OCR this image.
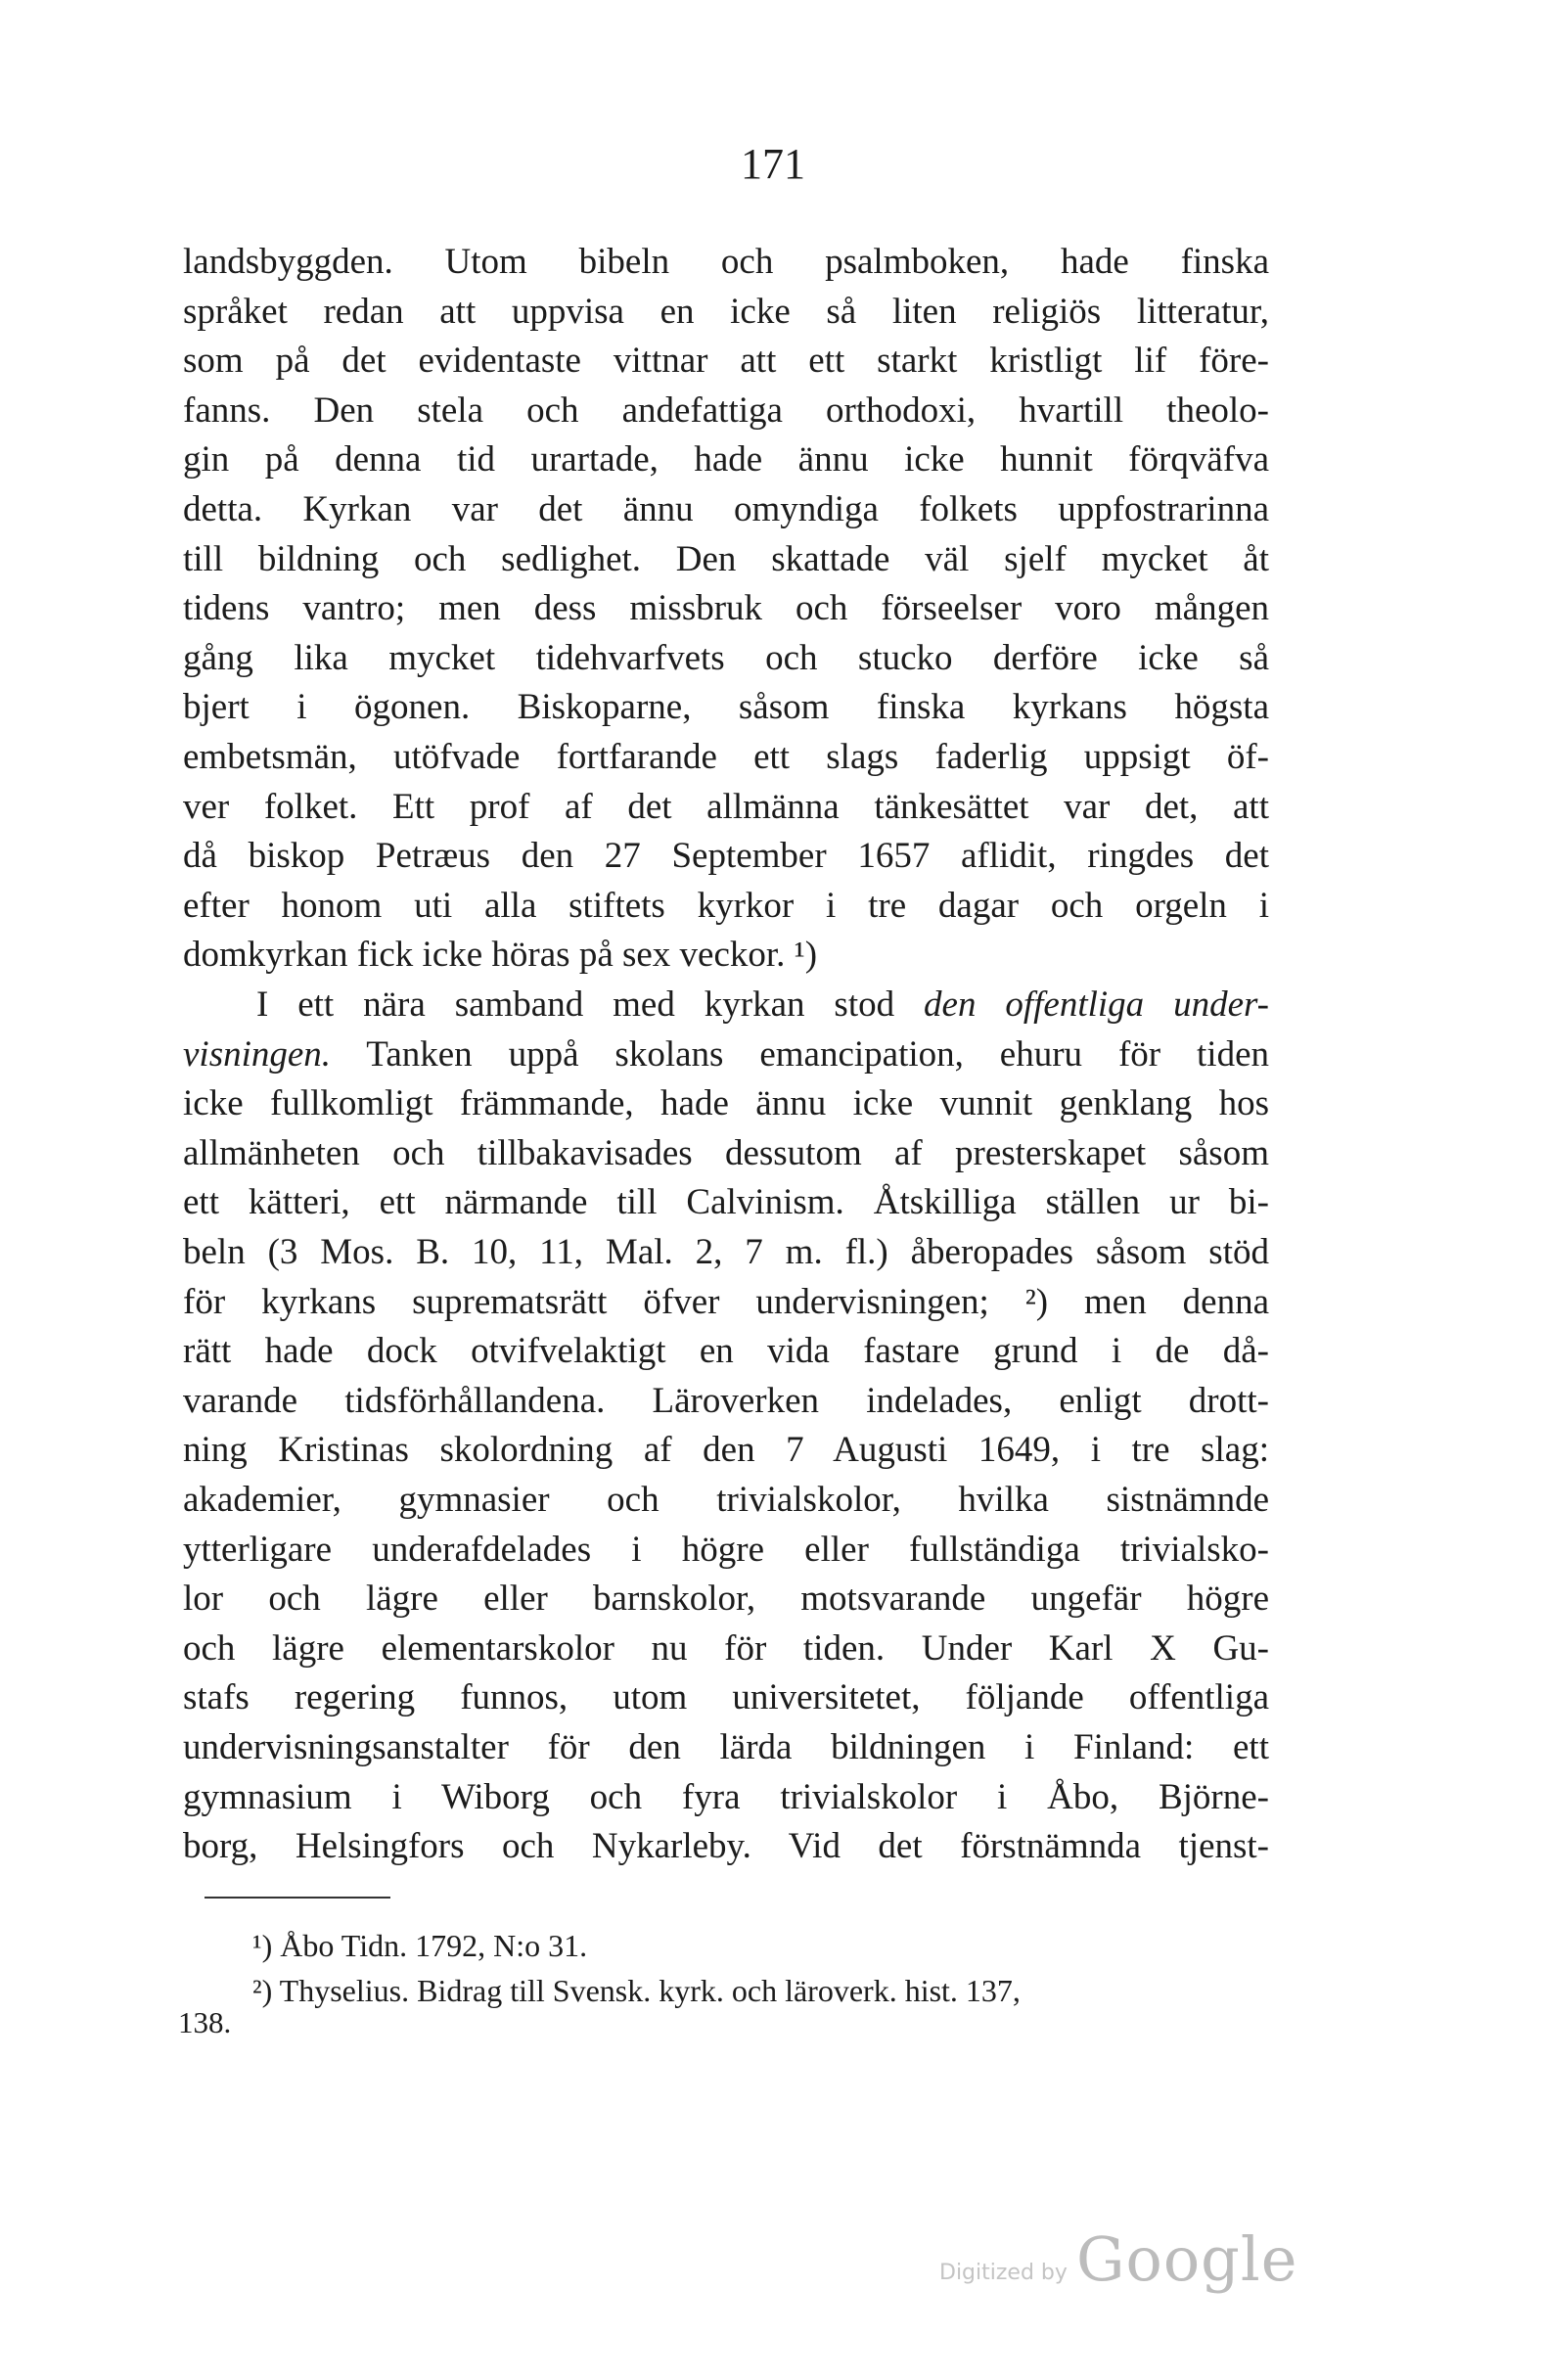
171
landsbyggden. Utom bibeln och psalmboken, hade finska
språket redan att uppvisa en icke så liten religiös litteratur,
som på det evidentaste vittnar att ett starkt kristligt lif före-
fanns. Den stela och andefattiga orthodoxi, hvartill theolo-
gin på denna tid urartade, hade ännu icke hunnit förqväfva
detta. Kyrkan var det ännu omyndiga folkets uppfostrarinna
till bildning och sedlighet. Den skattade väl sjelf mycket åt
tidens vantro; men dess missbruk och förseelser voro mången
gång lika mycket tidehvarfvets och stucko derföre icke så
bjert i ögonen. Biskoparne, såsom finska kyrkans högsta
embetsmän, utöfvade fortfarande ett slags faderlig uppsigt öf-
ver folket. Ett prof af det allmänna tänkesättet var det, att
då biskop Petræus den 27 September 1657 aflidit, ringdes det
efter honom uti alla stiftets kyrkor i tre dagar och orgeln i
domkyrkan fick icke höras på sex veckor. ¹)
I ett nära samband med kyrkan stod den offentliga under-
visningen. Tanken uppå skolans emancipation, ehuru för tiden
icke fullkomligt främmande, hade ännu icke vunnit genklang hos
allmänheten och tillbakavisades dessutom af presterskapet såsom
ett kätteri, ett närmande till Calvinism. Åtskilliga ställen ur bi-
beln (3 Mos. B. 10, 11, Mal. 2, 7 m. fl.) åberopades såsom stöd
för kyrkans suprematsrätt öfver undervisningen; ²) men denna
rätt hade dock otvifvelaktigt en vida fastare grund i de då-
varande tidsförhållandena. Läroverken indelades, enligt drott-
ning Kristinas skolordning af den 7 Augusti 1649, i tre slag:
akademier, gymnasier och trivialskolor, hvilka sistnämnde
ytterligare underafdelades i högre eller fullständiga trivialsko-
lor och lägre eller barnskolor, motsvarande ungefär högre
och lägre elementarskolor nu för tiden. Under Karl X Gu-
stafs regering funnos, utom universitetet, följande offentliga
undervisningsanstalter för den lärda bildningen i Finland: ett
gymnasium i Wiborg och fyra trivialskolor i Åbo, Björne-
borg, Helsingfors och Nykarleby. Vid det förstnämnda tjenst-
¹) Åbo Tidn. 1792, N:o 31.
²) Thyselius. Bidrag till Svensk. kyrk. och läroverk. hist. 137,
138.
Digitized by Google
